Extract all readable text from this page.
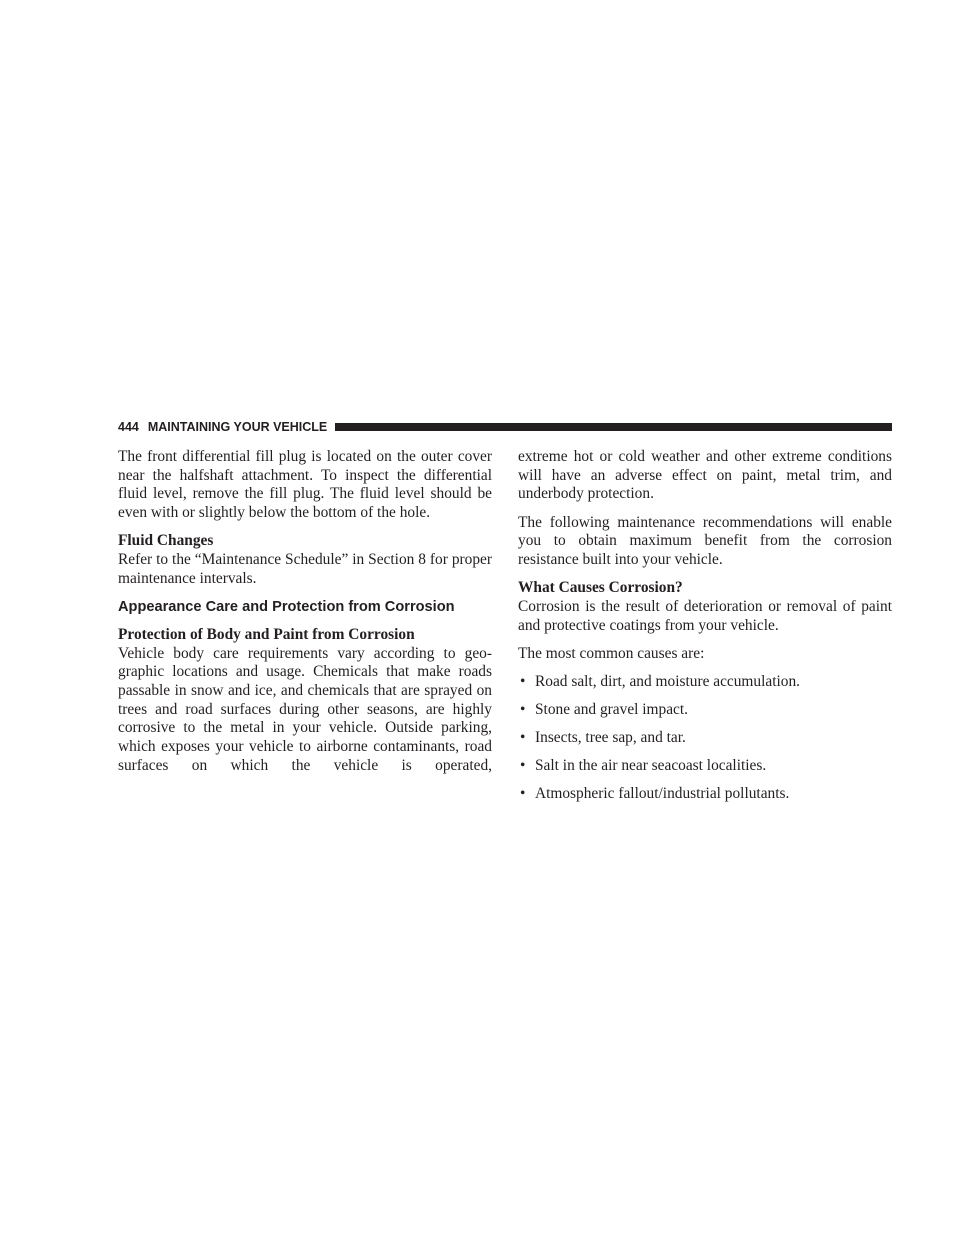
444 MAINTAINING YOUR VEHICLE

The front differential fill plug is located on the outer cover near the halfshaft attachment. To inspect the differential fluid level, remove the fill plug. The fluid level should be even with or slightly below the bottom of the hole.

Fluid Changes

Refer to the “Maintenance Schedule” in Section 8 for proper maintenance intervals.

Appearance Care and Protection from Corrosion

Protection of Body and Paint from Corrosion

Vehicle body care requirements vary according to geographic locations and usage. Chemicals that make roads passable in snow and ice, and chemicals that are sprayed on trees and road surfaces during other seasons, are highly corrosive to the metal in your vehicle. Outside parking, which exposes your vehicle to airborne contaminants, road surfaces on which the vehicle is operated,

extreme hot or cold weather and other extreme conditions will have an adverse effect on paint, metal trim, and underbody protection.

The following maintenance recommendations will enable you to obtain maximum benefit from the corrosion resistance built into your vehicle.

What Causes Corrosion?

Corrosion is the result of deterioration or removal of paint and protective coatings from your vehicle.

The most common causes are:

• Road salt, dirt, and moisture accumulation.
• Stone and gravel impact.
• Insects, tree sap, and tar.
• Salt in the air near seacoast localities.
• Atmospheric fallout/industrial pollutants.
